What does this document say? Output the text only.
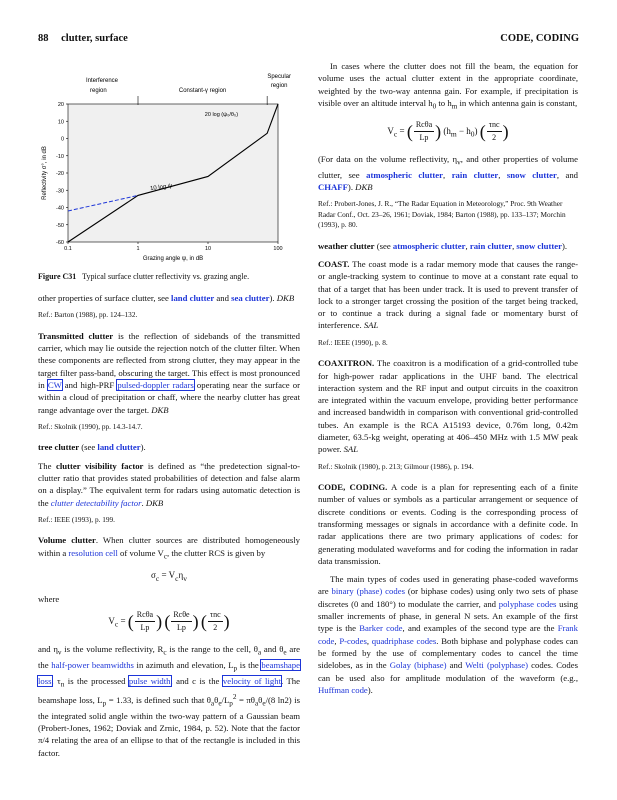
88 clutter, surface	CODE, CODING
20
10
0
-10
-20
-30
-40
-50
-60
0.1	1	10	100
Interference
region	Constant-γ region
Specular
region
10 log ψ
20 log (ψ₀/θ₀)
Grazing angle ψ, in dB
Reflectivity σ°, in dB
Figure C31 Typical surface clutter reflectivity vs. grazing angle.

other properties of surface clutter, see land clutter and sea clutter). DKB

Ref.: Barton (1988), pp. 124–132.

Transmitted clutter is the reflection of sidebands of the transmitted carrier, which may lie outside the rejection notch of the clutter filter. When these components are reflected from strong clutter, they may appear in the target filter pass-band, obscuring the target. This effect is most pronounced in CW and high-PRF pulsed-doppler radars operating near the surface or within a cloud of precipitation or chaff, where the nearby clutter has great range advantage over the target. DKB

Ref.: Skolnik (1990), pp. 14.3-14.7.

tree clutter (see land clutter).

The clutter visibility factor is defined as “the predetection signal-to-clutter ratio that provides stated probabilities of detection and false alarm on a display.” The equivalent term for radars using automatic detection is the clutter detectability factor. DKB

Ref.: IEEE (1993), p. 199.

Volume clutter. When clutter sources are distributed homogeneously within a resolution cell of volume $V_c$, the clutter RCS is given by

$\sigma_c = V_c\eta_v$
where
$V_c$ = ( $\frac{\text{Rcθa}}{Lp}$ ) ( $\frac{\text{Rcθe}}{Lp}$ ) ( $\frac{\text{τnc}}{2}$ )

and $\eta_v$ is the volume reflectivity, $R_c$ is the range to the cell, $\theta_a$ and $\theta_e$ are the half-power beamwidths in azimuth and elevation, $L_p$ is the beamshape loss, $\tau_n$ is the processed pulse width, and c is the velocity of light. The beamshape loss, $L_p = 1.33$, is defined such that $\theta_a\theta_e/L_p^2 = \pi\theta_a\theta_e/(8$ ln2) is the integrated solid angle within the two-way pattern of a Gaussian beam (Probert-Jones, 1962; Doviak and Zrnic, 1984, p. 52). Note that the factor π/4 relating the area of an ellipse to that of the rectangle is included in this factor.

In cases where the clutter does not fill the beam, the equation for volume uses the actual clutter extent in the appropriate coordinate, weighted by the two-way antenna gain. For example, if precipitation is visible over an altitude interval $h_0$ to $h_m$ in which antenna gain is constant,

$V_c$ = ( $\frac{\text{Rcθa}}{Lp}$ ) $(h_m - h_0)$ ( $\frac{\text{τnc}}{2}$ )

(For data on the volume reflectivity, $\eta_v$, and other properties of volume clutter, see atmospheric clutter, rain clutter, snow clutter, and CHAFF). DKB

Ref.: Probert-Jones, J. R., “The Radar Equation in Meteorology,” Proc. 9th Weather Radar Conf., Oct. 23–26, 1961; Doviak, 1984; Barton (1988), pp. 133–137; Morchin (1993), p. 80.

weather clutter (see atmospheric clutter, rain clutter, snow clutter).

COAST. The coast mode is a radar memory mode that causes the range- or angle-tracking system to continue to move at a constant rate equal to that of a target that has been under track. It is used to prevent transfer of lock to a stronger target crossing the position of the target being tracked, or to continue a track during a signal fade or momentary burst of interference. SAL

Ref.: IEEE (1990), p. 8.

COAXITRON. The coaxitron is a modification of a grid-controlled tube for high-power radar applications in the UHF band. The electrical interaction system and the RF input and output circuits in the coaxitron are integrated within the vacuum envelope, providing better performance and increased bandwidth in comparison with conventional grid-controlled tubes. An example is the RCA A15193 device, 0.76m long, 0.42m diameter, 63.5-kg weight, operating at 406–450 MHz with 1.5 MW peak power. SAL

Ref.: Skolnik (1980), p. 213; Gilmour (1986), p. 194.

CODE, CODING. A code is a plan for representing each of a finite number of values or symbols as a particular arrangement or sequence of discrete conditions or events. Coding is the corresponding process of transforming messages or signals in accordance with a definite code. In radar applications there are two primary applications of codes: for generating modulated waveforms and for coding the information in radar data transmission.

The main types of codes used in generating phase-coded waveforms are binary (phase) codes (or biphase codes) using only two sets of phase discretes (0 and 180°) to modulate the carrier, and polyphase codes using smaller increments of phase, in general N sets. An example of the first type is the Barker code, and examples of the second type are the Frank code, P-codes, quadriphase codes. Both biphase and polyphase codes can be formed by the use of complementary codes to cancel the time sidelobes, as in the Golay (biphase) and Welti (polyphase) codes. Codes can be used also for amplitude modulation of the waveform (e.g., Huffman code).
